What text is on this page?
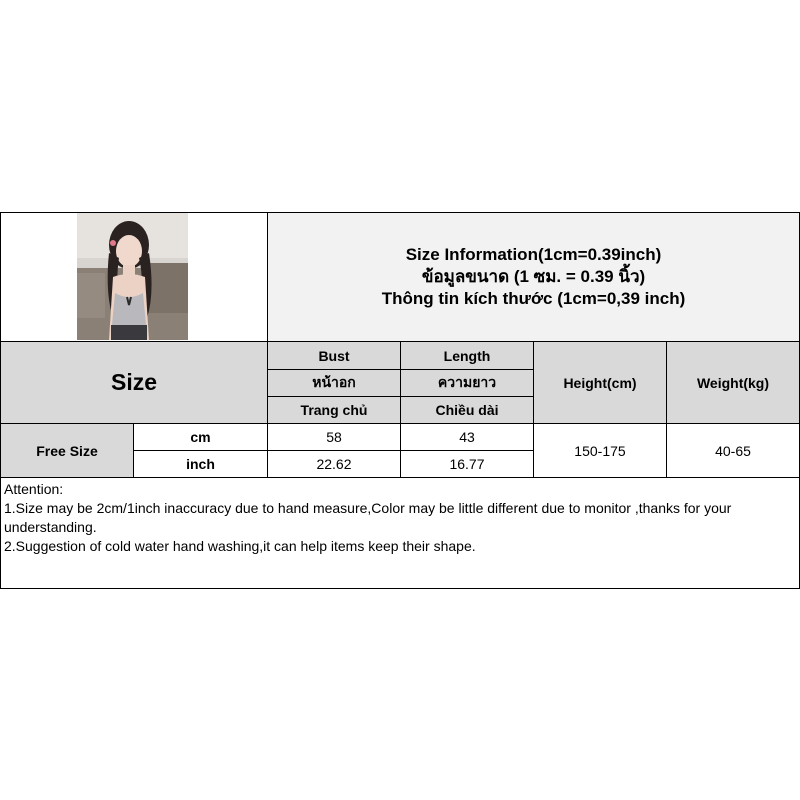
Size Information(1cm=0.39inch)
ข้อมูลขนาด (1 ซม. = 0.39 นิ้ว)
Thông tin kích thước (1cm=0,39 inch)
Size
Bust
หน้าอก
Trang chủ
Length
ความยาว
Chiều dài
Height(cm)	Weight(kg)
Free Size
cm
inch
58
22.62
43
16.77
150-175	40-65

Attention:

1.Size may be 2cm/1inch inaccuracy due to hand measure,Color may be little different due to monitor ,thanks for your understanding.

2.Suggestion of cold water hand washing,it can help items keep their shape.
